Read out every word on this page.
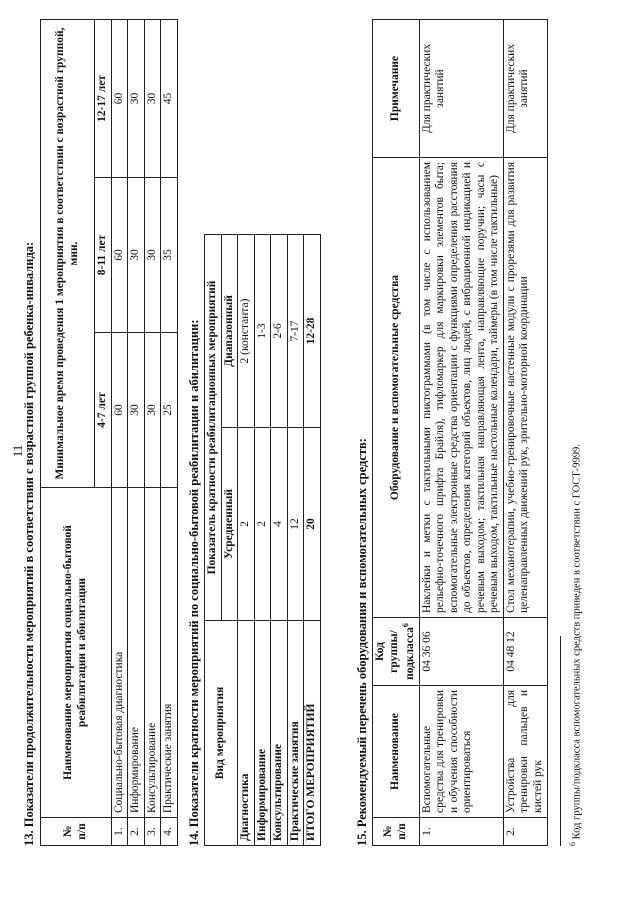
11
13. Показатели продолжительности мероприятий в соответствии с возрастной группой ребенка-инвалида: № п/п	Наименование мероприятия социально-бытовой реабилитации и абилитации	Минимальное время проведения 1 мероприятия в соответствии с возрастной группой, мин.		
		4-7 лет	8-11 лет	12-17 лет
1.	Социально-бытовая диагностика	60	60	60
2.	Информирование	30	30	30
3.	Консультирование	30	30	30
4.	Практические занятия	25	35	45
14. Показатели кратности мероприятий по социально-бытовой реабилитации и абилитации: Вид мероприятия	Показатель кратности реабилитационных мероприятий	
	Усредненный	Диапазонный
Диагностика	2	2 (константа)
Информирование	2	1-3
Консультирование	4	2-6
Практические занятия	12	7-17
ИТОГО МЕРОПРИЯТИЙ	20	12-28
15. Рекомендуемый перечень оборудования и вспомогательных средств: № п/п	Наименование	Код группы/подкласса$^6$	Оборудование и вспомогательные средства	Примечание
1.	Вспомогательные средства для тренировки и обучения способности ориентироваться	04 36 06	Наклейки и метки с тактильными пиктограммами (в том числе с использованием рельефно-точечного шрифта Брайля), тифломаркер для маркировки элементов быта; вспомогательные электронные средства ориентации с функциями определения расстояния до объектов, определения категорий объектов, лиц людей, с вибрационной индикацией и речевым выходом; тактильная направляющая лента, направляющие поручни; часы с речевым выходом, тактильные настольные календари, таймеры (в том числе тактильные)	Для практических занятий
2.	Устройства для тренировки пальцев и кистей рук	04 48 12	Стол механотерапии, учебно-тренировочные настенные модули с прорезями для развития целенаправленных движений рук, зрительно-моторной координации	Для практических занятий
$^6$ Код группы/подкласса вспомогательных средств приведен в соответствии с ГОСТ-9999.
